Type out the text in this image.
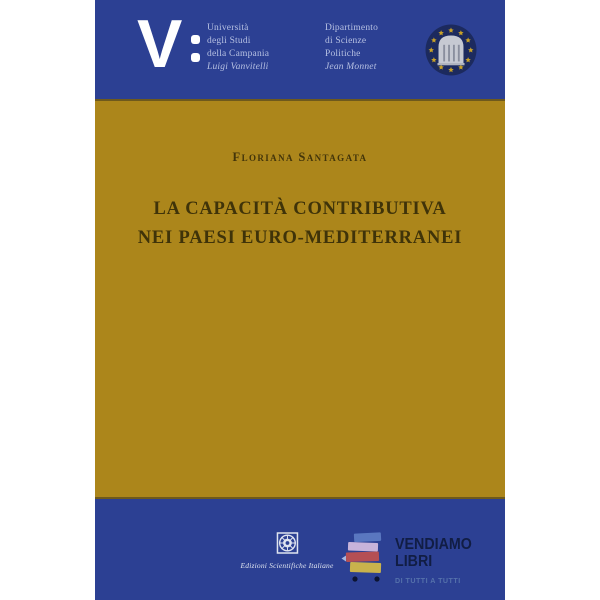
V	Università
degli Studi
della Campania
Luigi Vanvitelli
Dipartimento
di Scienze
Politiche
Jean Monnet
Floriana Santagata
LA CAPACITÀ CONTRIBUTIVA
NEI PAESI EURO-MEDITERRANEI
Edizioni Scientifiche Italiane
VENDIAMO
LIBRI
DI TUTTI A TUTTI
